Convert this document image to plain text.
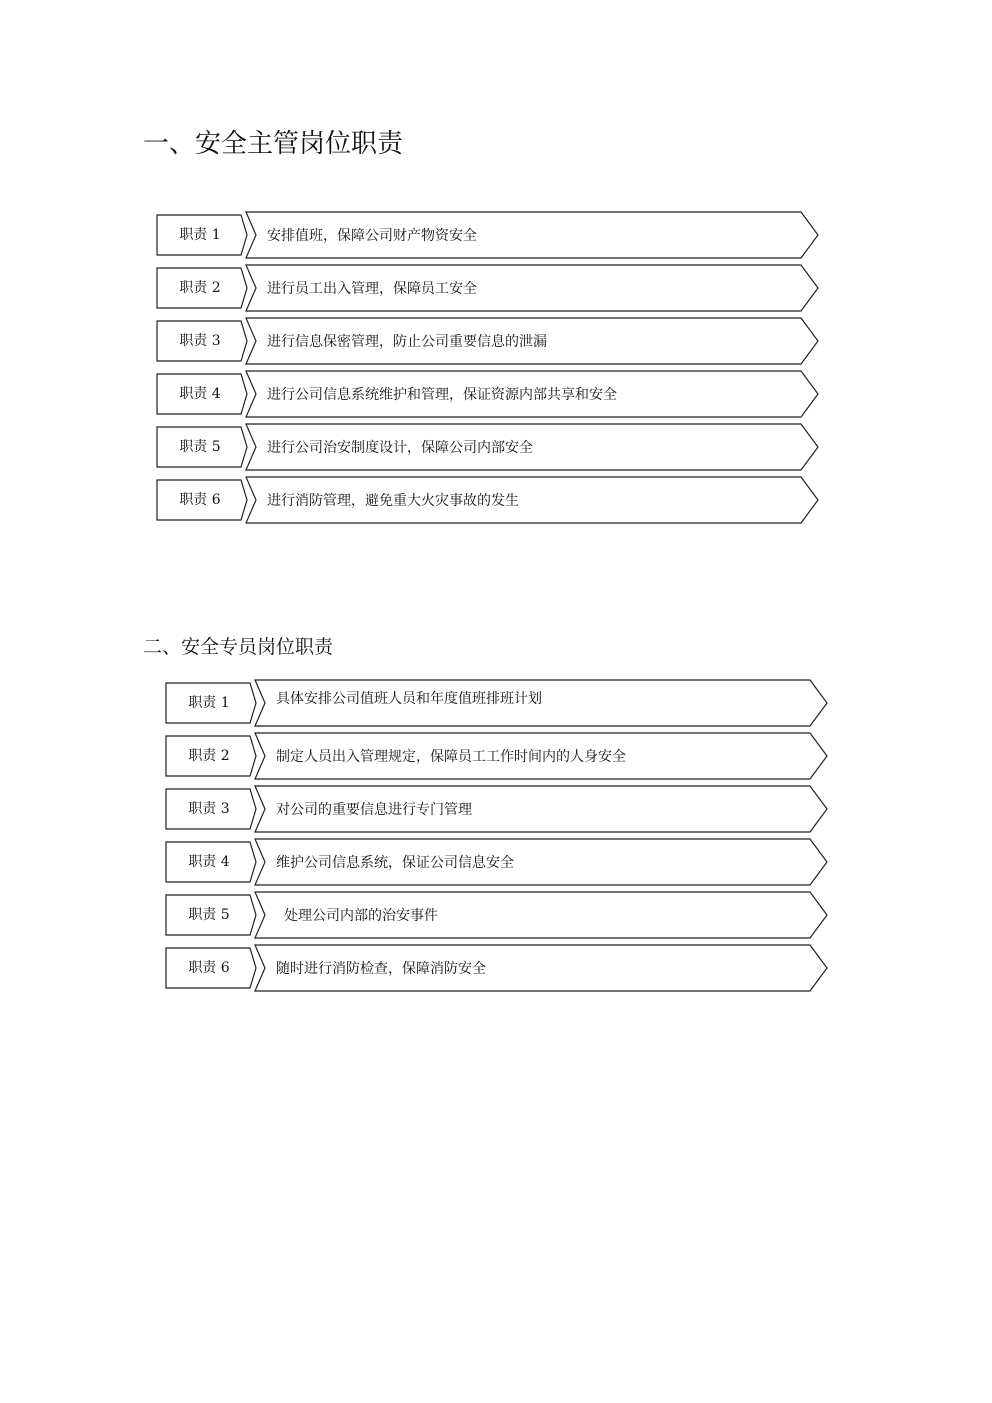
一、安全主管岗位职责
职责 1	安排值班，保障公司财产物资安全
职责 2	进行员工出入管理，保障员工安全
职责 3	进行信息保密管理，防止公司重要信息的泄漏
职责 4	进行公司信息系统维护和管理，保证资源内部共享和安全
职责 5	进行公司治安制度设计，保障公司内部安全
职责 6	进行消防管理，避免重大火灾事故的发生
二、安全专员岗位职责
职责 1	具体安排公司值班人员和年度值班排班计划
职责 2	制定人员出入管理规定，保障员工工作时间内的人身安全
职责 3	对公司的重要信息进行专门管理
职责 4	维护公司信息系统，保证公司信息安全
职责 5	处理公司内部的治安事件
职责 6	随时进行消防检查，保障消防安全
